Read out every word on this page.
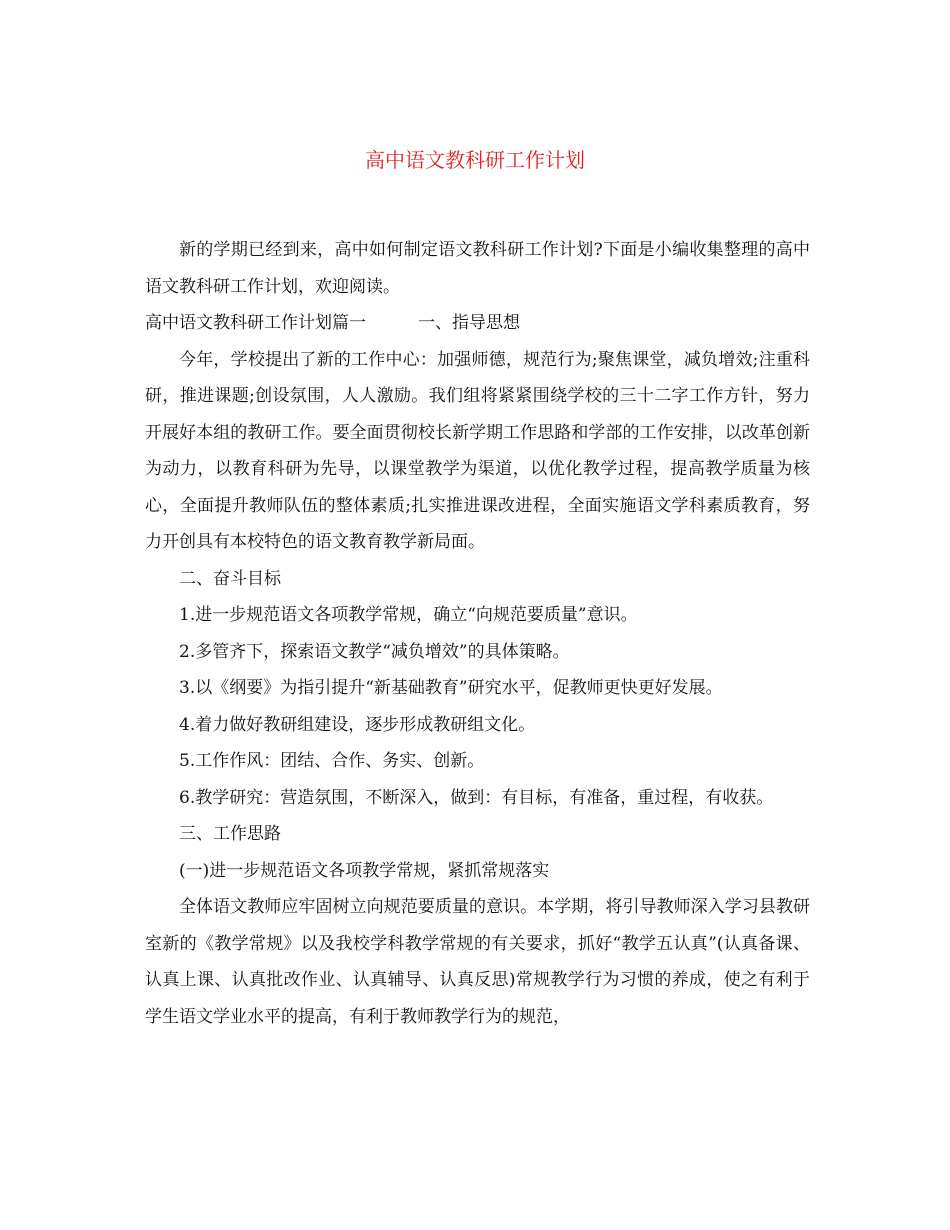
高中语文教科研工作计划

新的学期已经到来，高中如何制定语文教科研工作计划?下面是小编收集整理的高中语文教科研工作计划，欢迎阅读。

高中语文教科研工作计划篇一	一、指导思想

今年，学校提出了新的工作中心：加强师德，规范行为;聚焦课堂，减负增效;注重科研，推进课题;创设氛围，人人激励。我们组将紧紧围绕学校的三十二字工作方针，努力开展好本组的教研工作。要全面贯彻校长新学期工作思路和学部的工作安排，以改革创新为动力，以教育科研为先导，以课堂教学为渠道，以优化教学过程，提高教学质量为核心，全面提升教师队伍的整体素质;扎实推进课改进程，全面实施语文学科素质教育，努力开创具有本校特色的语文教育教学新局面。

二、奋斗目标

1.进一步规范语文各项教学常规，确立“向规范要质量”意识。

2.多管齐下，探索语文教学“减负增效”的具体策略。

3.以《纲要》为指引提升“新基础教育”研究水平，促教师更快更好发展。

4.着力做好教研组建设，逐步形成教研组文化。

5.工作作风：团结、合作、务实、创新。

6.教学研究：营造氛围，不断深入，做到：有目标，有准备，重过程，有收获。

三、工作思路

(一)进一步规范语文各项教学常规，紧抓常规落实

全体语文教师应牢固树立向规范要质量的意识。本学期，将引导教师深入学习县教研室新的《教学常规》以及我校学科教学常规的有关要求，抓好“教学五认真”(认真备课、认真上课、认真批改作业、认真辅导、认真反思)常规教学行为习惯的养成，使之有利于学生语文学业水平的提高，有利于教师教学行为的规范，
